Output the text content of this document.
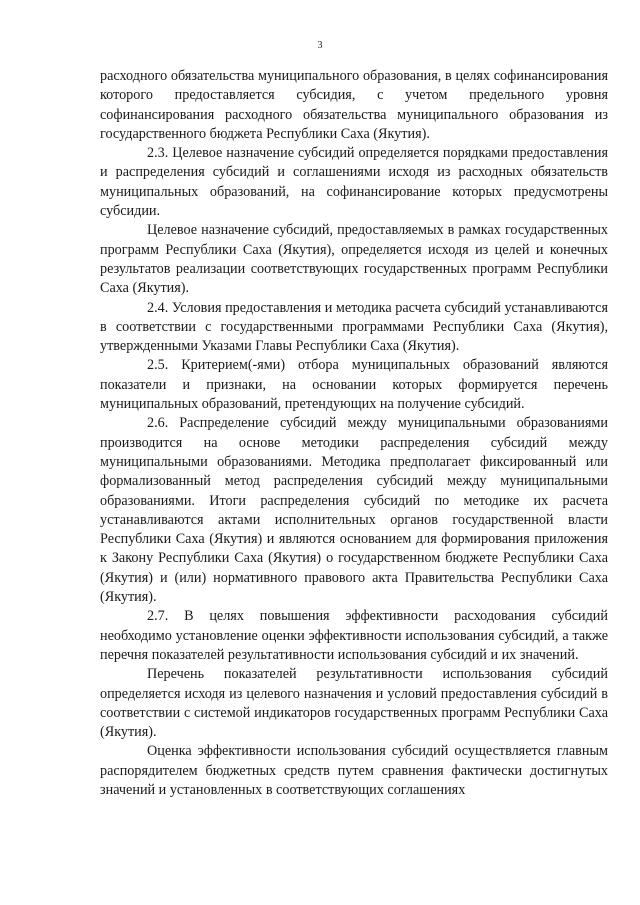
3

расходного обязательства муниципального образования, в целях софинансирования которого предоставляется субсидия, с учетом предельного уровня софинансирования расходного обязательства муниципального образования из государственного бюджета Республики Саха (Якутия).

2.3. Целевое назначение субсидий определяется порядками предоставления и распределения субсидий и соглашениями исходя из расходных обязательств муниципальных образований, на софинансирование которых предусмотрены субсидии.

Целевое назначение субсидий, предоставляемых в рамках государственных программ Республики Саха (Якутия), определяется исходя из целей и конечных результатов реализации соответствующих государственных программ Республики Саха (Якутия).

2.4. Условия предоставления и методика расчета субсидий устанавливаются в соответствии с государственными программами Республики Саха (Якутия), утвержденными Указами Главы Республики Саха (Якутия).

2.5. Критерием(-ями) отбора муниципальных образований являются показатели и признаки, на основании которых формируется перечень муниципальных образований, претендующих на получение субсидий.

2.6. Распределение субсидий между муниципальными образованиями производится на основе методики распределения субсидий между муниципальными образованиями. Методика предполагает фиксированный или формализованный метод распределения субсидий между муниципальными образованиями. Итоги распределения субсидий по методике их расчета устанавливаются актами исполнительных органов государственной власти Республики Саха (Якутия) и являются основанием для формирования приложения к Закону Республики Саха (Якутия) о государственном бюджете Республики Саха (Якутия) и (или) нормативного правового акта Правительства Республики Саха (Якутия).

2.7. В целях повышения эффективности расходования субсидий необходимо установление оценки эффективности использования субсидий, а также перечня показателей результативности использования субсидий и их значений.

Перечень показателей результативности использования субсидий определяется исходя из целевого назначения и условий предоставления субсидий в соответствии с системой индикаторов государственных программ Республики Саха (Якутия).

Оценка эффективности использования субсидий осуществляется главным распорядителем бюджетных средств путем сравнения фактически достигнутых значений и установленных в соответствующих соглашениях
